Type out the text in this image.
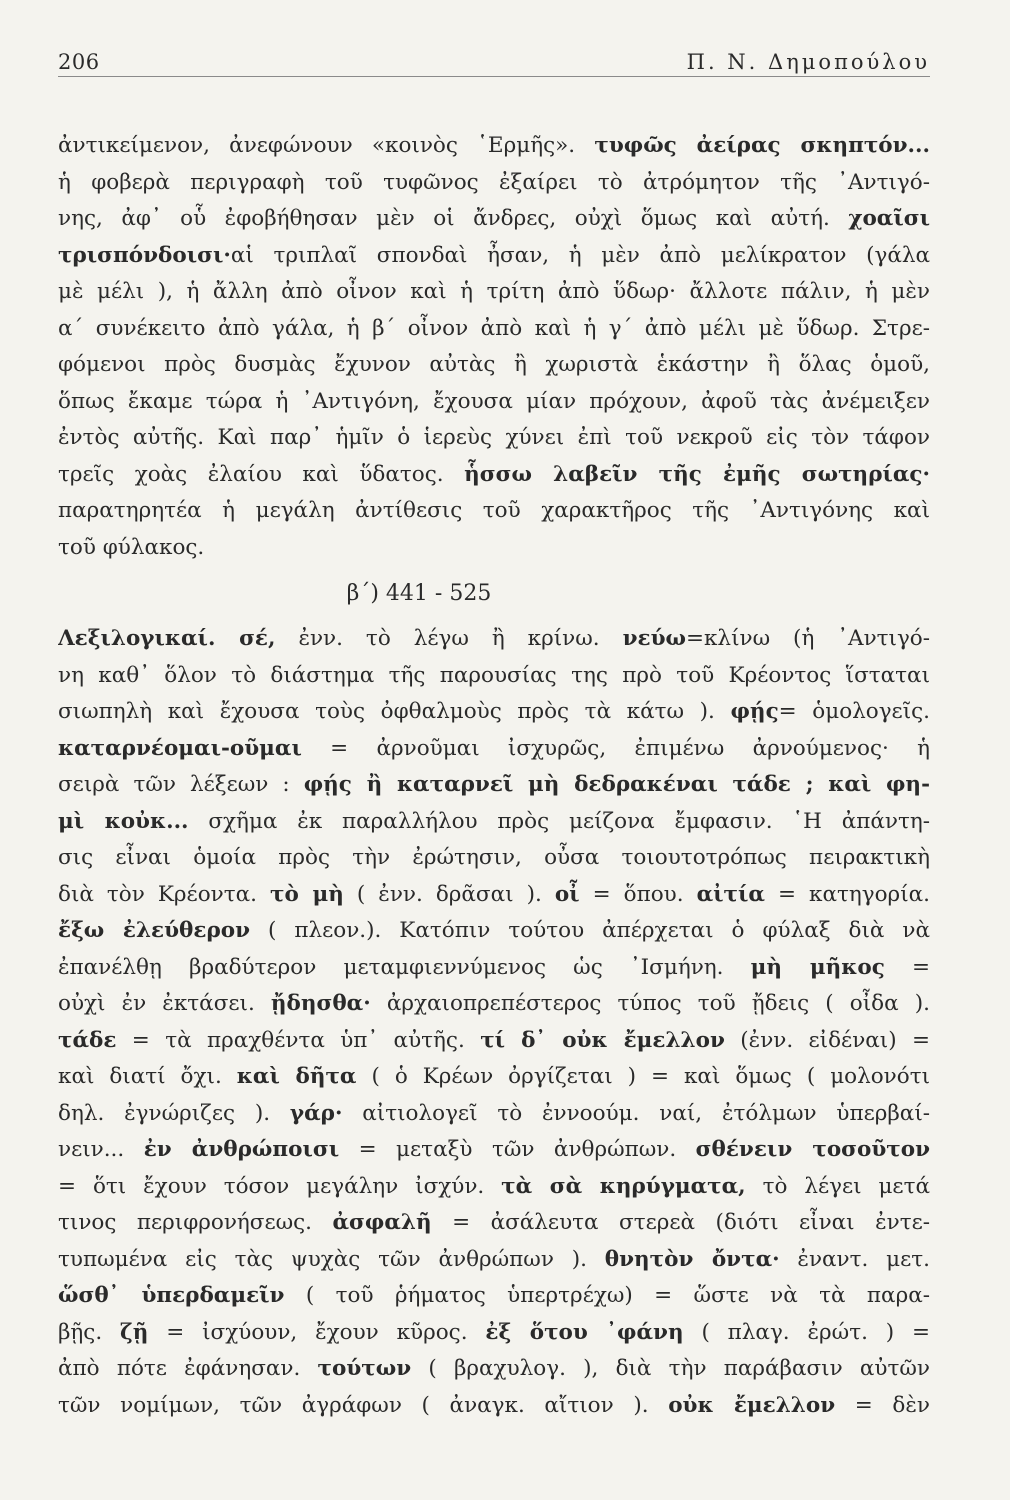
206	Π. Ν. Δημοπούλου
ἀντικείμενον, ἀνεφώνουν «κοινὸς ῾Ερμῆς». τυφῶς ἀείρας σκηπτόν...
ἡ φοβερὰ περιγραφὴ τοῦ τυφῶνος ἐξαίρει τὸ ἀτρόμητον τῆς ᾿Αντιγό-
νης, ἀφ᾿ οὗ ἐφοβήθησαν μὲν οἱ ἄνδρες, οὐχὶ ὅμως καὶ αὐτή. χοαῖσι
τρισπόνδοισι·αἱ τριπλαῖ σπονδαὶ ἦσαν, ἡ μὲν ἀπὸ μελίκρατον (γάλα
μὲ μέλι ), ἡ ἄλλη ἀπὸ οἶνον καὶ ἡ τρίτη ἀπὸ ὕδωρ· ἄλλοτε πάλιν, ἡ μὲν
α´ συνέκειτο ἀπὸ γάλα, ἡ β´ οἶνον ἀπὸ καὶ ἡ γ´ ἀπὸ μέλι μὲ ὕδωρ. Στρε-
φόμενοι πρὸς δυσμὰς ἔχυνον αὐτὰς ἢ χωριστὰ ἑκάστην ἢ ὅλας ὁμοῦ,
ὅπως ἔκαμε τώρα ἡ ᾿Αντιγόνη, ἔχουσα μίαν πρόχουν, ἀφοῦ τὰς ἀνέμειξεν
ἐντὸς αὐτῆς. Καὶ παρ᾿ ἡμῖν ὁ ἱερεὺς χύνει ἐπὶ τοῦ νεκροῦ εἰς τὸν τάφον
τρεῖς χοὰς ἐλαίου καὶ ὕδατος. ἧσσω λαβεῖν τῆς ἐμῆς σωτηρίας·
παρατηρητέα ἡ μεγάλη ἀντίθεσις τοῦ χαρακτῆρος τῆς ᾿Αντιγόνης καὶ
τοῦ φύλακος.
β´) 441 - 525
Λεξιλογικαί. σέ, ἐνν. τὸ λέγω ἢ κρίνω. νεύω=κλίνω (ἡ ᾿Αντιγό-
νη καθ᾿ ὅλον τὸ διάστημα τῆς παρουσίας της πρὸ τοῦ Κρέοντος ἵσταται
σιωπηλὴ καὶ ἔχουσα τοὺς ὀφθαλμοὺς πρὸς τὰ κάτω ). φῄς= ὁμολογεῖς.
καταρνέομαι-οῦμαι = ἀρνοῦμαι ἰσχυρῶς, ἐπιμένω ἀρνούμενος· ἡ
σειρὰ τῶν λέξεων : φῄς ἢ καταρνεῖ μὴ δεδρακέναι τάδε ; καὶ φη-
μὶ κοὐκ... σχῆμα ἐκ παραλλήλου πρὸς μείζονα ἔμφασιν. ῾Η ἀπάντη-
σις εἶναι ὁμοία πρὸς τὴν ἐρώτησιν, οὖσα τοιουτοτρόπως πειρακτικὴ
διὰ τὸν Κρέοντα. τὸ μὴ ( ἐνν. δρᾶσαι ). οἶ = ὅπου. αἰτία = κατηγορία.
ἔξω ἐλεύθερον ( πλεον.). Κατόπιν τούτου ἀπέρχεται ὁ φύλαξ διὰ νὰ
ἐπανέλθῃ βραδύτερον μεταμφιεννύμενος ὡς ᾿Ισμήνη. μὴ μῆκος =
οὐχὶ ἐν ἐκτάσει. ᾔδησθα· ἀρχαιοπρεπέστερος τύπος τοῦ ᾔδεις ( οἶδα ).
τάδε = τὰ πραχθέντα ὑπ᾿ αὐτῆς. τί δ᾿ οὐκ ἔμελλον (ἐνν. εἰδέναι) =
καὶ διατί ὄχι. καὶ δῆτα ( ὁ Κρέων ὀργίζεται ) = καὶ ὅμως ( μολονότι
δηλ. ἐγνώριζες ). γάρ· αἰτιολογεῖ τὸ ἐννοούμ. ναί, ἐτόλμων ὑπερβαί-
νειν... ἐν ἀνθρώποισι = μεταξὺ τῶν ἀνθρώπων. σθένειν τοσοῦτον
= ὅτι ἔχουν τόσον μεγάλην ἰσχύν. τὰ σὰ κηρύγματα, τὸ λέγει μετά
τινος περιφρονήσεως. ἀσφαλῆ = ἀσάλευτα στερεὰ (διότι εἶναι ἐντε-
τυπωμένα εἰς τὰς ψυχὰς τῶν ἀνθρώπων ). θνητὸν ὄντα· ἐναντ. μετ.
ὥσθ᾿ ὑπερδαμεῖν ( τοῦ ῥήματος ὑπερτρέχω) = ὥστε νὰ τὰ παρα-
βῇς. ζῇ = ἰσχύουν, ἔχουν κῦρος. ἐξ ὅτου ᾿φάνη ( πλαγ. ἐρώτ. ) =
ἀπὸ πότε ἐφάνησαν. τούτων ( βραχυλογ. ), διὰ τὴν παράβασιν αὐτῶν
τῶν νομίμων, τῶν ἀγράφων ( ἀναγκ. αἴτιον ). οὐκ ἔμελλον = δὲν
